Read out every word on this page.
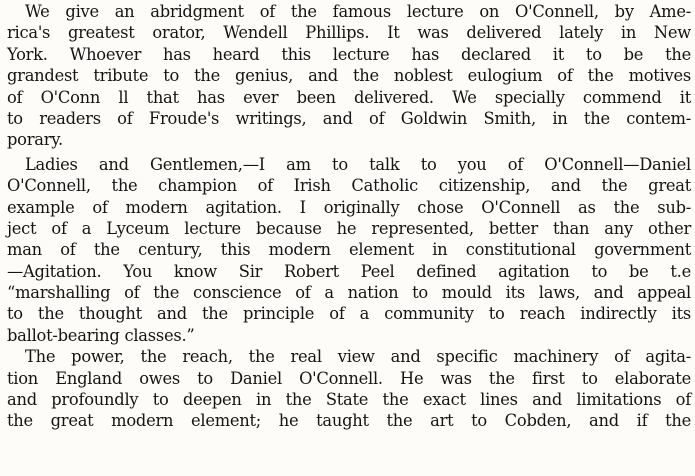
We give an abridgment of the famous lecture on O'Connell, by Ame-
rica's greatest orator, Wendell Phillips. It was delivered lately in New
York. Whoever has heard this lecture has declared it to be the
grandest tribute to the genius, and the noblest eulogium of the motives
of O'Conn ll that has ever been delivered. We specially commend it
to readers of Froude's writings, and of Goldwin Smith, in the contem-
porary.
Ladies and Gentlemen,—I am to talk to you of O'Connell—Daniel
O'Connell, the champion of Irish Catholic citizenship, and the great
example of modern agitation. I originally chose O'Connell as the sub-
ject of a Lyceum lecture because he represented, better than any other
man of the century, this modern element in constitutional government
—Agitation. You know Sir Robert Peel defined agitation to be t.e
“marshalling of the conscience of a nation to mould its laws, and appeal
to the thought and the principle of a community to reach indirectly its
ballot-bearing classes.”
The power, the reach, the real view and specific machinery of agita-
tion England owes to Daniel O'Connell. He was the first to elaborate
and profoundly to deepen in the State the exact lines and limitations of
the great modern element; he taught the art to Cobden, and if the
